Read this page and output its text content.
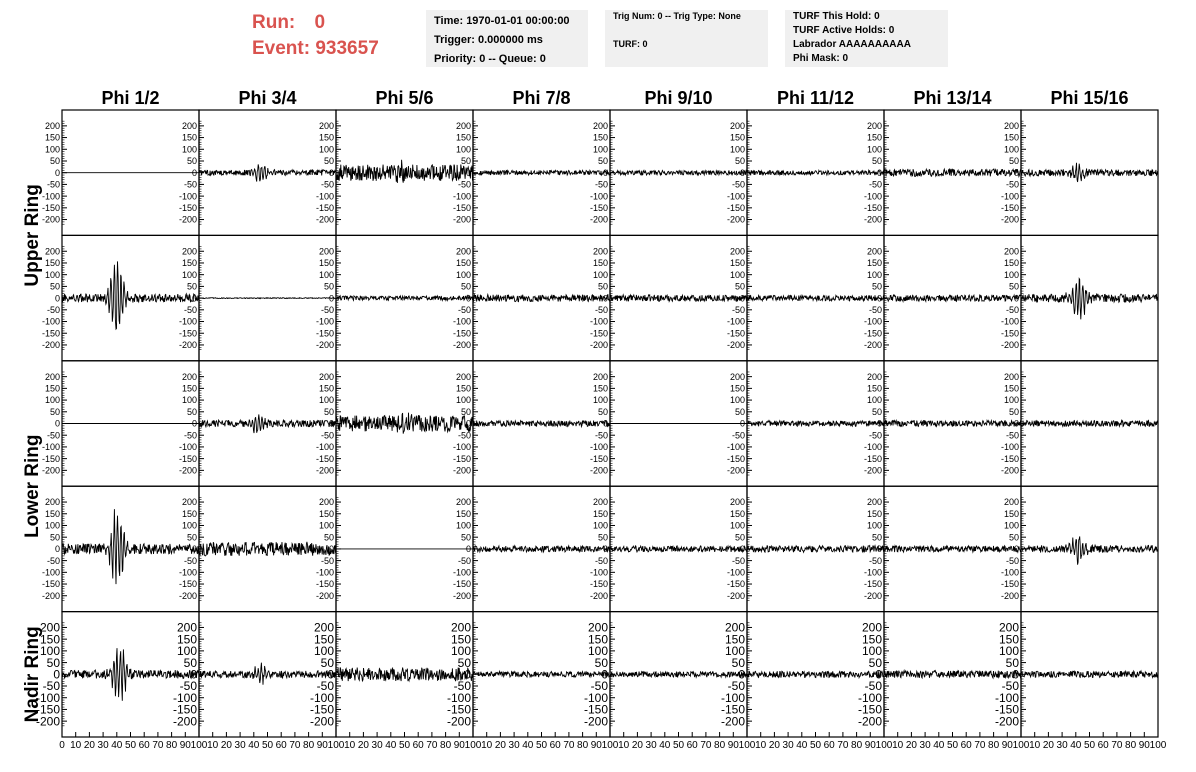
Run: 0
Event: 933657
Time: 1970-01-01 00:00:00
Trigger: 0.000000 ms
Priority: 0 -- Queue: 0
Trig Num: 0 -- Trig Type: None
TURF: 0
TURF This Hold: 0
TURF Active Holds: 0
Labrador AAAAAAAAAA
Phi Mask: 0
Phi 1/2	Phi 3/4	Phi 5/6	Phi 7/8	Phi 9/10	Phi 11/12	Phi 13/14	Phi 15/16
Upper Ring
Lower Ring
Nadir Ring
-200
-150
-100
-50
0
50
100
150
200
-200
-150
-100
-50
0
50
100
150
200
-200
-150
-100
-50
0
50
100
150
200
-200
-150
-100
-50
0
50
100
150
200
-200
-150
-100
-50
0
50
100
150
200
-200
-150
-100
-50
0
50
100
150
200
-200
-150
-100
-50
0
50
100
150
200
-200
-150
-100
-50
0
50
100
150
200
-200
-150
-100
-50
0
50
100
150
200
-200
-150
-100
-50
0
50
100
150
200
-200
-150
-100
-50
0
50
100
150
200
-200
-150
-100
-50
0
50
100
150
200
-200
-150
-100
-50
0
50
100
150
200
-200
-150
-100
-50
0
50
100
150
200
-200
-150
-100
-50
0
50
100
150
200
-200
-150
-100
-50
0
50
100
150
200
-200
-150
-100
-50
0
50
100
150
200
-200
-150
-100
-50
0
50
100
150
200
-200
-150
-100
-50
0
50
100
150
200
-200
-150
-100
-50
0
50
100
150
200
-200
-150
-100
-50
0
50
100
150
200
-200
-150
-100
-50
0
50
100
150
200
-200
-150
-100
-50
0
50
100
150
200
-200
-150
-100
-50
0
50
100
150
200
-200
-150
-100
-50
0
50
100
150
200
-200
-150
-100
-50
0
50
100
150
200
-200
-150
-100
-50
0
50
100
150
200
-200
-150
-100
-50
0
50
100
150
200
-200
-150
-100
-50
0
50
100
150
200
-200
-150
-100
-50
0
50
100
150
200
-200
-150
-100
-50
0
50
100
150
200
-200
-150
-100
-50
0
50
100
150
200
-200
-150
-100
-50
0
50
100
150
200
-200
-150
-100
-50
0
50
100
150
200
-200
-150
-100
-50
0
50
100
150
200
-200
-150
-100
-50
0
50
100
150
200
-200
-150
-100
-50
0
50
100
150
200
-200
-150
-100
-50
0
50
100
150
200
-200
-150
-100
-50
0
50
100
150
200
-200
-150
-100
-50
0
50
100
150
200
0 10 20 30 40 50 60 70 80 90 100 10 20 30 40 50 60 70 80 90 100 10 20 30 40 50 60 70 80 90 100 10 20 30 40 50 60 70 80 90 100 10 20 30 40 50 60 70 80 90 100 10 20 30 40 50 60 70 80 90 100 10 20 30 40 50 60 70 80 90 100 10 20 30 40 50 60 70 80 90 100
